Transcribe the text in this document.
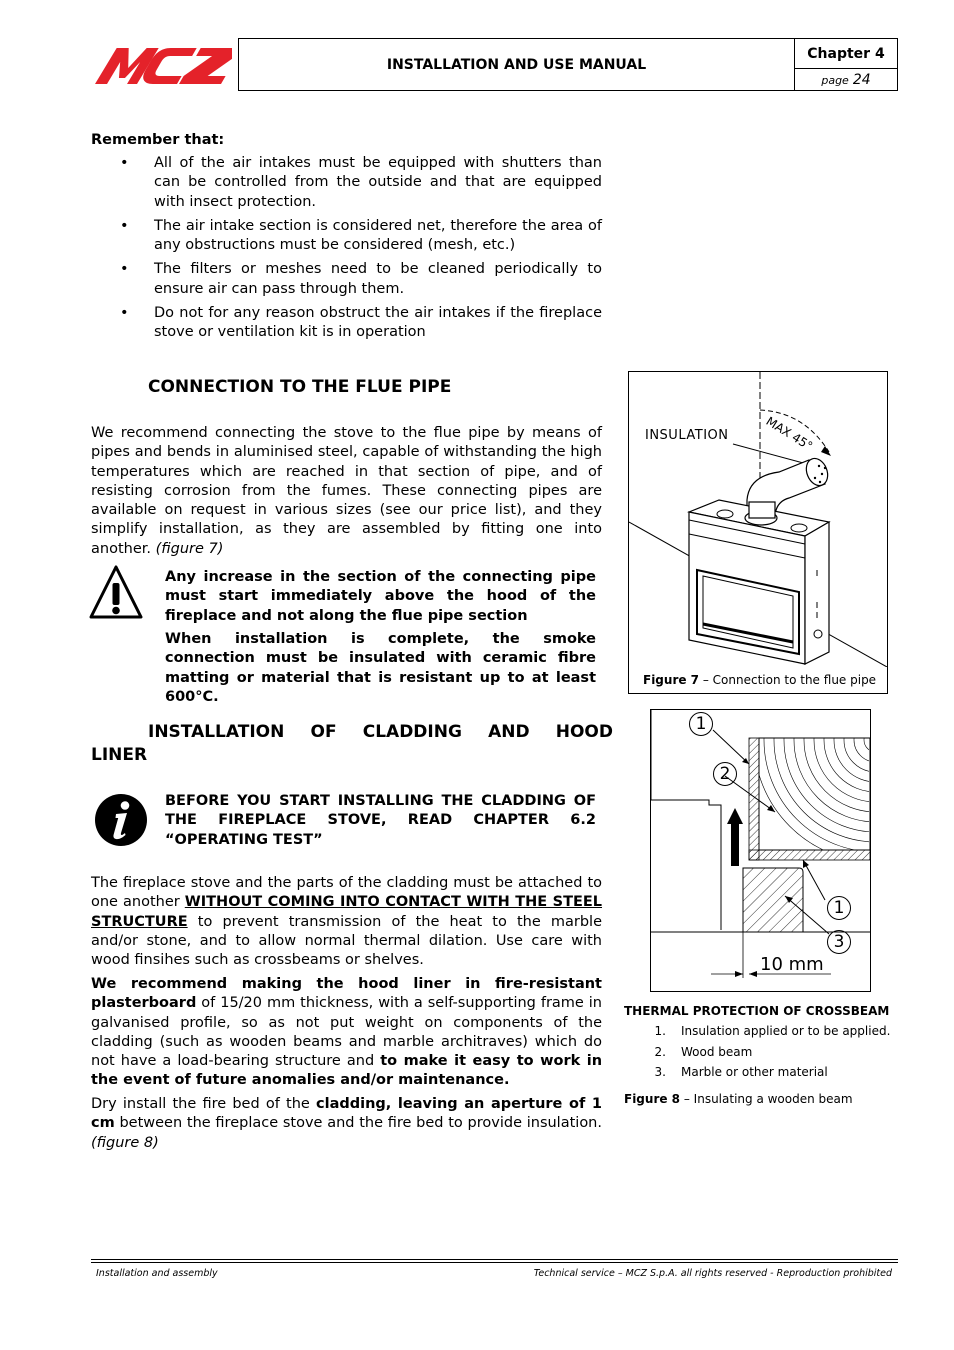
INSTALLATION AND USE MANUAL
Chapter 4
page 24
Remember that:
• All of the air intakes must be equipped with shutters than can be controlled from the outside and that are equipped with insect protection.
• The air intake section is considered net, therefore the area of any obstructions must be considered (mesh, etc.)
• The filters or meshes need to be cleaned periodically to ensure air can pass through them.
• Do not for any reason obstruct the air intakes if the fireplace stove or ventilation kit is in operation
CONNECTION TO THE FLUE PIPE
We recommend connecting the stove to the flue pipe by means of pipes and bends in aluminised steel, capable of withstanding the high temperatures which are reached in that section of pipe, and of resisting corrosion from the fumes. These connecting pipes are available on request in various sizes (see our price list), and they simplify installation, as they are assembled by fitting one into another. (figure 7)
Any increase in the section of the connecting pipe must start immediately above the hood of the fireplace and not along the flue pipe section
When installation is complete, the smoke connection must be insulated with ceramic fibre matting or material that is resistant up to at least 600°C.
INSTALLATION OF CLADDING AND HOOD
LINER
BEFORE YOU START INSTALLING THE CLADDING OF THE FIREPLACE STOVE, READ CHAPTER 6.2 “OPERATING TEST”
The fireplace stove and the parts of the cladding must be attached to one another WITHOUT COMING INTO CONTACT WITH THE STEEL STRUCTURE to prevent transmission of the heat to the marble and/or stone, and to allow normal thermal dilation. Use care with wood finsihes such as crossbeams or shelves.
We recommend making the hood liner in fire-resistant plasterboard of 15/20 mm thickness, with a self-supporting frame in galvanised profile, so as not put weight on components of the cladding (such as wooden beams and marble architraves) which do not have a load-bearing structure and to make it easy to work in the event of future anomalies and/or maintenance.
Dry install the fire bed of the cladding, leaving an aperture of 1 cm between the fireplace stove and the fire bed to provide insulation. (figure 8)
INSULATION	MAX 45°
Figure 7 – Connection to the flue pipe
1
2
1
3
10 mm
THERMAL PROTECTION OF CROSSBEAM
1.	Insulation applied or to be applied.
2.	Wood beam
3.	Marble or other material
Figure 8 – Insulating a wooden beam
Installation and assembly	Technical service – MCZ S.p.A. all rights reserved - Reproduction prohibited
